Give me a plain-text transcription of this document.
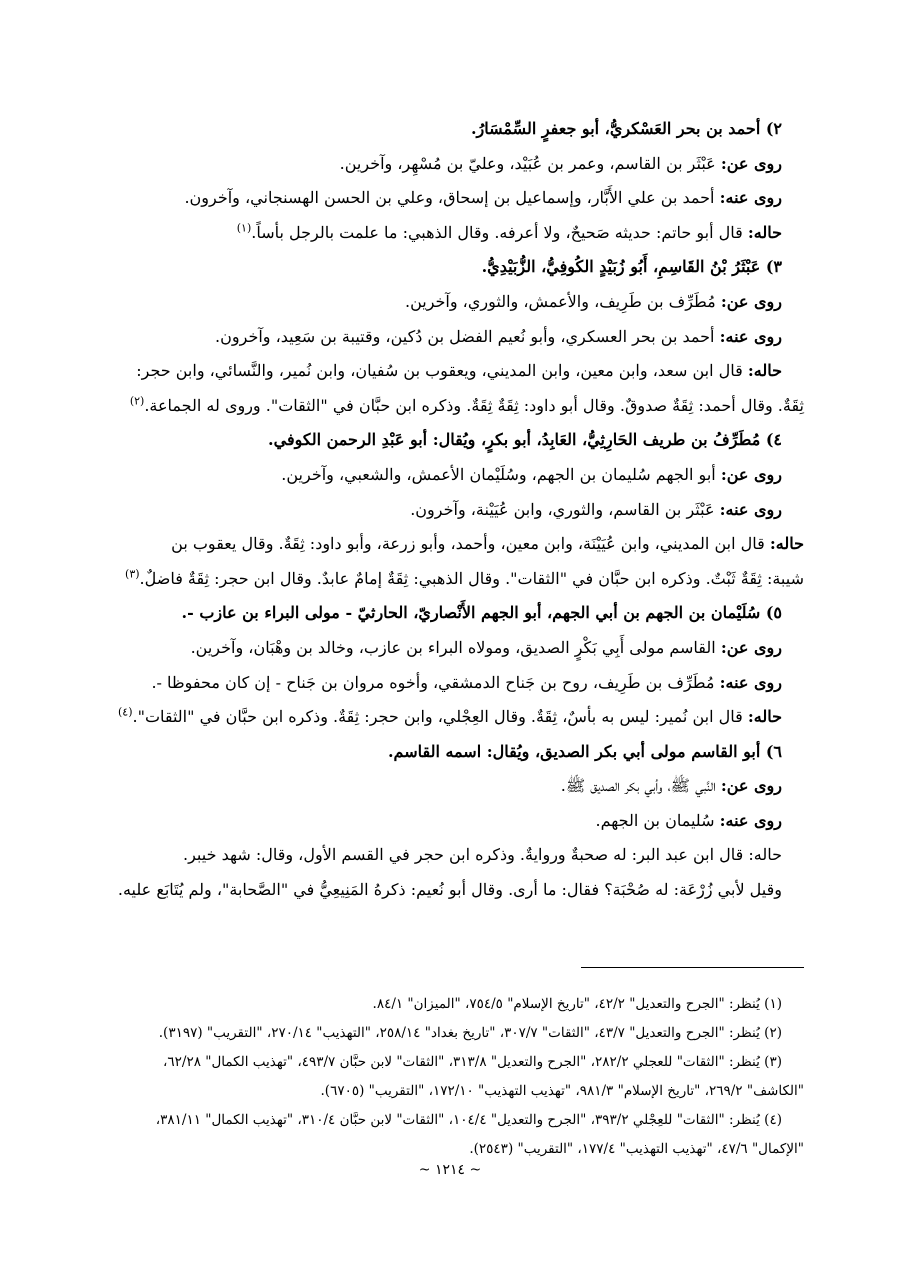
٢) أحمد بن بحر العَسْكريُّ، أبو جعفرٍ السِّمْسَارُ.

روى عن: عَبْثَر بن القاسم، وعمر بن عُبَيْد، وعليّ بن مُسْهِر، وآخرين.

روى عنه: أحمد بن علي الأَبَّار، وإسماعيل بن إسحاق، وعلي بن الحسن الهسنجاني، وآخرون.

حاله: قال أبو حاتم: حديثه صَحيحٌ، ولا أعرفه. وقال الذهبي: ما علمت بالرجل بأساً.$^{(١)}$

٣) عَبْثَرُ بْنُ القَاسِمِ، أَبُو زُبَيْدٍ الكُوفِيُّ، الزُّبَيْدِيُّ.

روى عن: مُطَرِّف بن طَرِيف، والأعمش، والثوري، وآخرين.

روى عنه: أحمد بن بحر العسكري، وأبو نُعيم الفضل بن دُكين، وقتيبة بن سَعِيد، وآخرون.

حاله: قال ابن سعد، وابن معين، وابن المديني، ويعقوب بن سُفيان، وابن نُمير، والنَّسائي، وابن حجر:

ثِقَةٌ. وقال أحمد: ثِقَةٌ صدوقٌ. وقال أبو داود: ثِقَةٌ ثِقَةٌ. وذكره ابن حبَّان في "الثقات". وروى له الجماعة.$^{(٢)}$

٤) مُطَرِّفُ بن طريف الحَارِثِيُّ، العَابِدُ، أبو بكرٍ، ويُقال: أبو عَبْدِ الرحمن الكوفي.

روى عن: أبو الجهم سُليمان بن الجهم، وسُلَيْمان الأعمش، والشعبي، وآخرين.

روى عنه: عَبْثَر بن القاسم، والثوري، وابن عُيَيْنة، وآخرون.

حاله: قال ابن المديني، وابن عُيَيْنَة، وابن معين، وأحمد، وأبو زرعة، وأبو داود: ثِقَةٌ. وقال يعقوب بن

شيبة: ثِقَةٌ ثَبْتٌ. وذكره ابن حبَّان في "الثقات". وقال الذهبي: ثِقَةٌ إمامٌ عابدٌ. وقال ابن حجر: ثِقَةٌ فاضلٌ.$^{(٣)}$

٥) سُلَيْمان بن الجهم بن أبي الجهم، أبو الجهم الأَنْصاريّ، الحارثيّ - مولى البراء بن عازب -.

روى عن: القاسم مولى أَبِي بَكْرٍ الصديق، ومولاه البراء بن عازب، وخالد بن وهْبَان، وآخرين.

روى عنه: مُطَرِّف بن طَرِيف، روح بن جَناح الدمشقي، وأخوه مروان بن جَناح - إن كان محفوظا -.

حاله: قال ابن نُمير: ليس به بأسٌ، ثِقَةٌ. وقال العِجْلي، وابن حجر: ثِقَةٌ. وذكره ابن حبَّان في "الثقات".$^{(٤)}$

٦) أبو القاسم مولى أبي بكر الصديق، ويُقال: اسمه القاسم.

روى عن: النَّبي ﷺ، وأبي بكر الصديق ﷺ.

روى عنه: سُليمان بن الجهم.

حاله: قال ابن عبد البر: له صحبةٌ وروايةٌ. وذكره ابن حجر في القسم الأول، وقال: شهد خيبر.

وقيل لأبي زُرْعَة: له صُحْبَة؟ فقال: ما أرى. وقال أبو نُعيم: ذكرهُ المَنِيعِيُّ في "الصَّحابة"، ولم يُتَابَع عليه.

(١) يُنظر: "الجرح والتعديل" ٤٢/٢، "تاريخ الإسلام" ٧٥٤/٥، "الميزان" ٨٤/١.

(٢) يُنظر: "الجرح والتعديل" ٤٣/٧، "الثقات" ٣٠٧/٧، "تاريخ بغداد" ٢٥٨/١٤، "التهذيب" ٢٧٠/١٤، "التقريب" (٣١٩٧).

(٣) يُنظر: "الثقات" للعجلي ٢٨٢/٢، "الجرح والتعديل" ٣١٣/٨، "الثقات" لابن حبَّان ٤٩٣/٧، "تهذيب الكمال" ٦٢/٢٨،

"الكاشف" ٢٦٩/٢، "تاريخ الإسلام" ٩٨١/٣، "تهذيب التهذيب" ١٧٢/١٠، "التقريب" (٦٧٠٥).

(٤) يُنظر: "الثقات" للعِجْلي ٣٩٣/٢، "الجرح والتعديل" ١٠٤/٤، "الثقات" لابن حبَّان ٣١٠/٤، "تهذيب الكمال" ٣٨١/١١،

"الإكمال" ٤٧/٦، "تهذيب التهذيب" ١٧٧/٤، "التقريب" (٢٥٤٣).

~ ١٢١٤ ~
